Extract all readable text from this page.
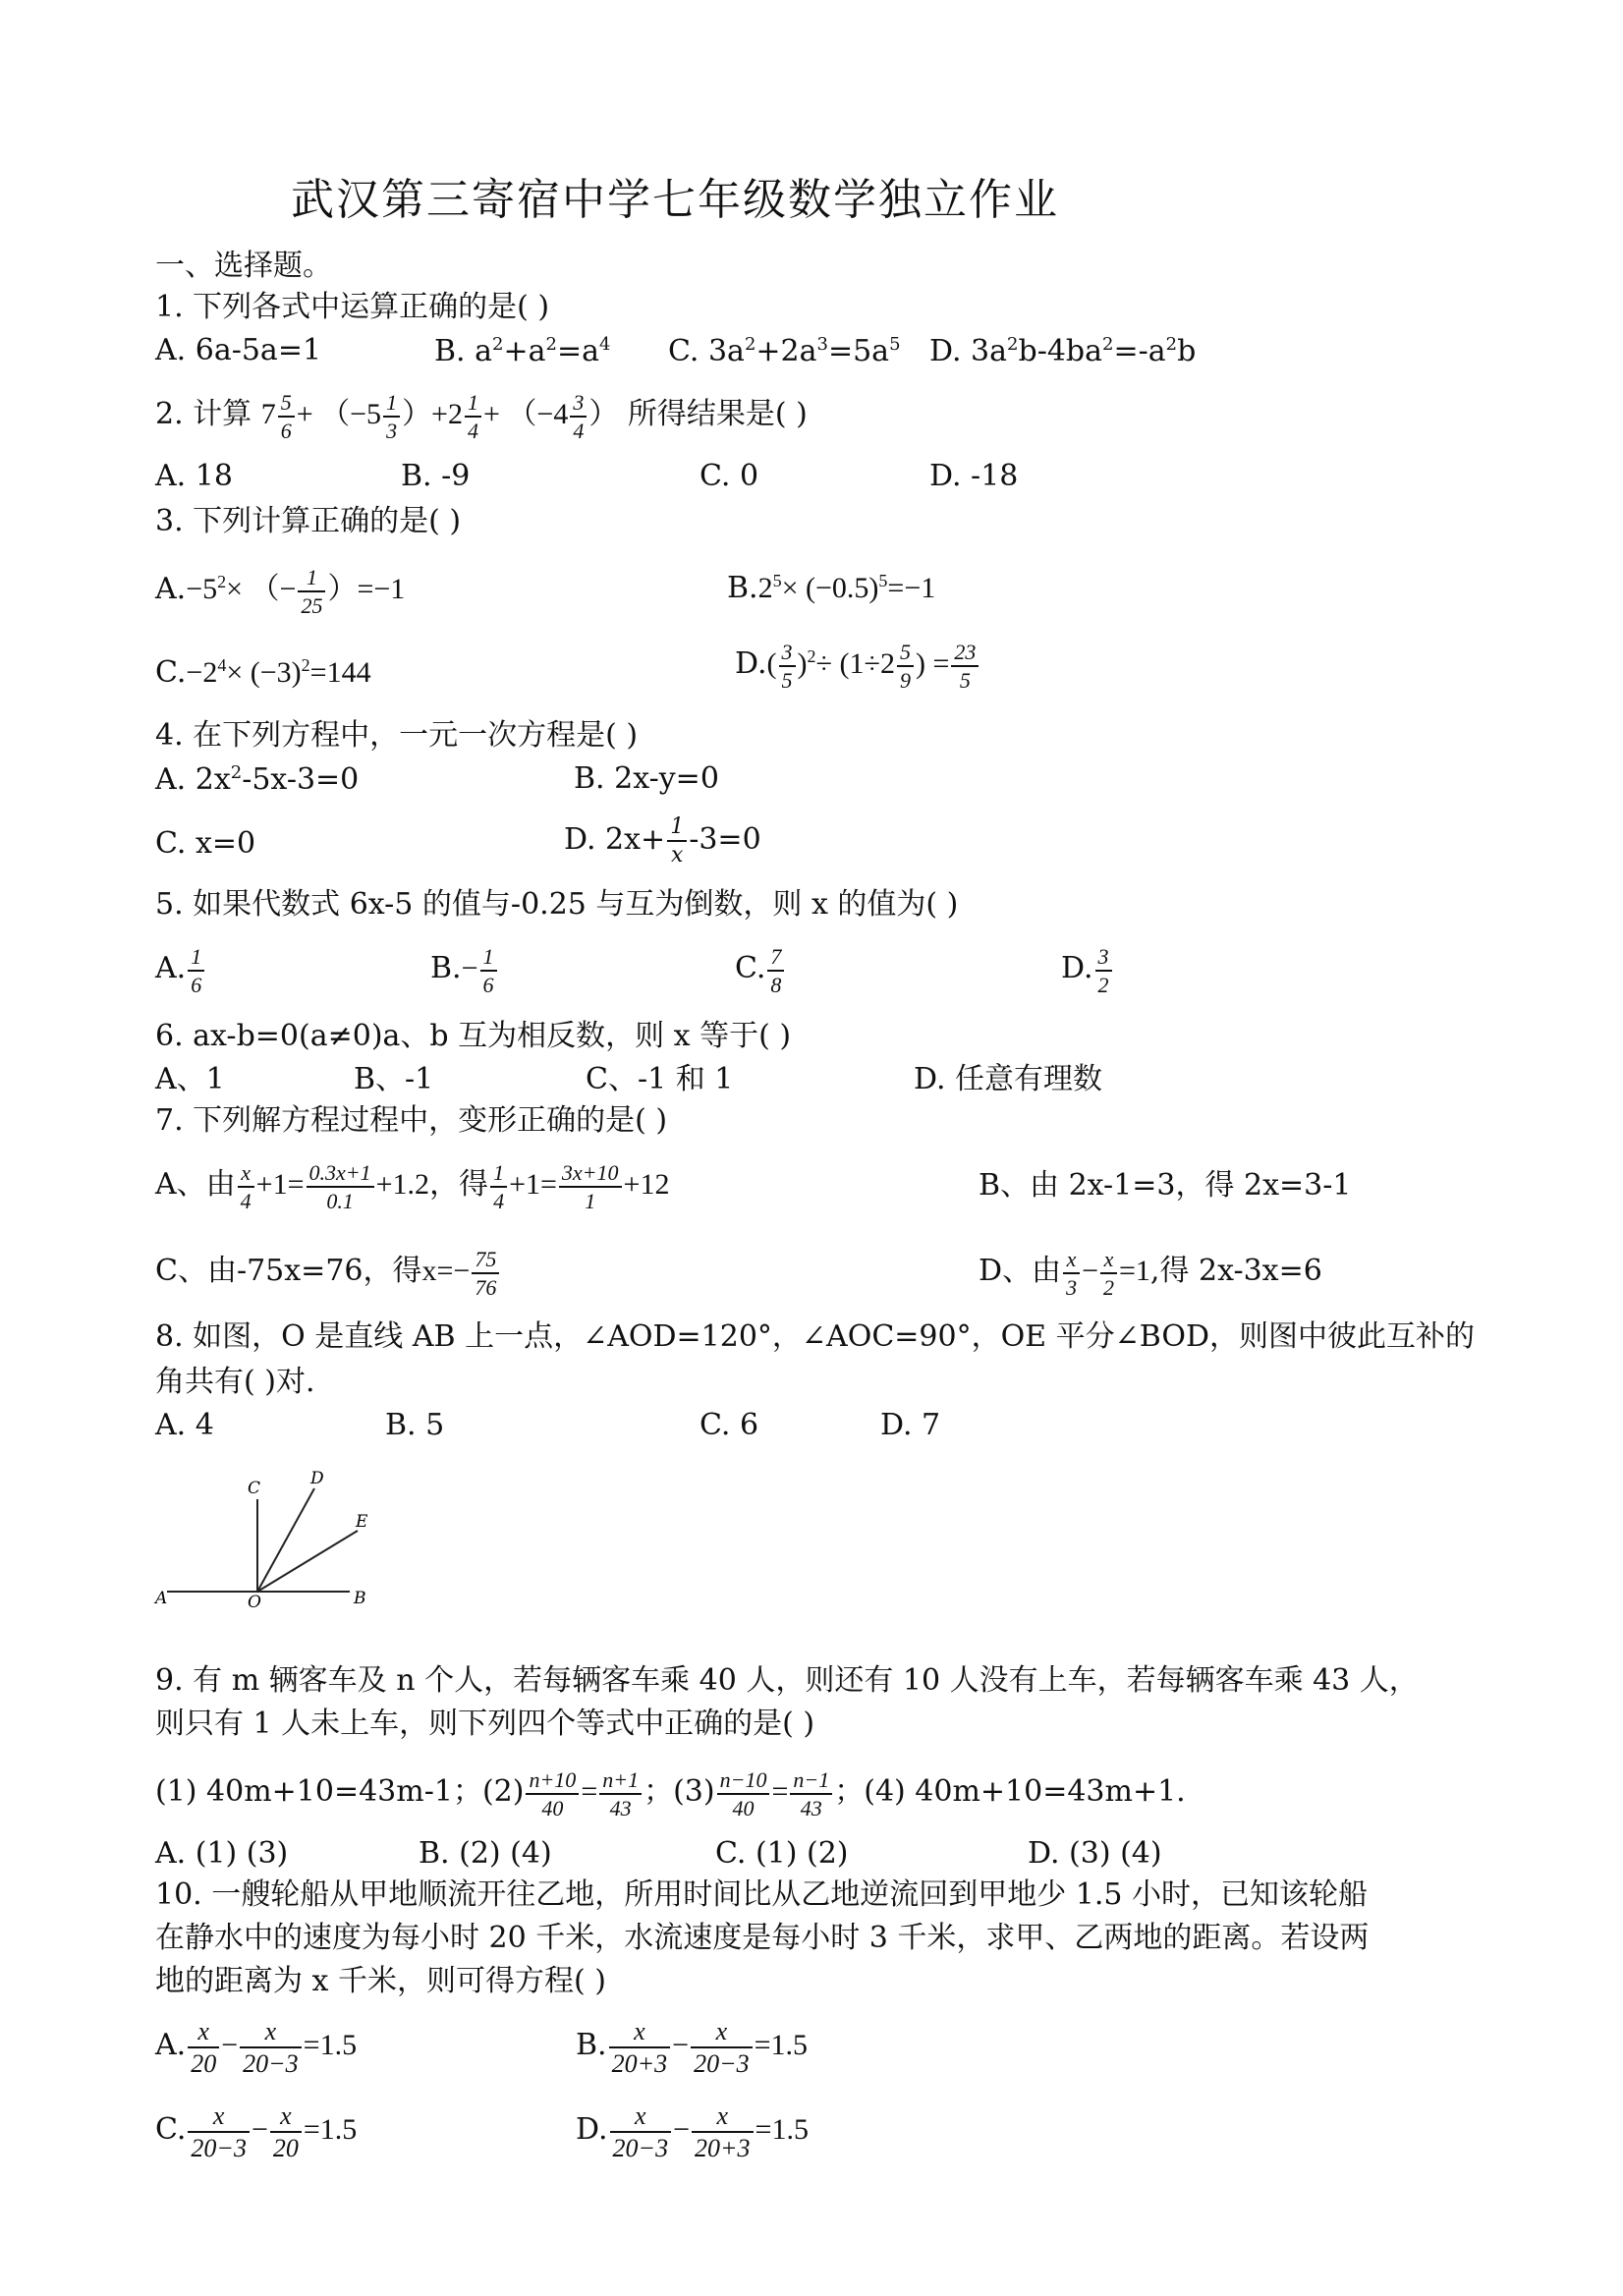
武汉第三寄宿中学七年级数学独立作业
一、选择题。
1. 下列各式中运算正确的是( )
A. 6a-5a=1	B. $a^2+a^2=a^4$ C. $3a^2+2a^3=5a^5$ D. $3a^2b-4ba^2=-a^2b$
2. 计算 $7 \frac{5}{6} + (-5 \frac{1}{3} )+2 \frac{1}{4} + (-4 \frac{3}{4}$ ） 所得结果是( )
A. 18	B. -9	C. 0	D. -18
3. 下列计算正确的是( )
$A.-5^2\times$ （− $\frac{1}{25} )=-1$	$B.2^5\times (-0.5)^5=-1$
$C.-2^4\times (-3)^2=144$	$D.( \frac{3}{5} )^2\div (1\div 2 \frac{5}{9}$ ) = $\frac{23}{5}$
4. 在下列方程中，一元一次方程是( )
A. $2x^2-5x-3=0$	B. 2x-y=0
C. x=0	D. $2x+ \frac{1}{x} -3=0$
5. 如果代数式 6x-5 的值与-0.25 与互为倒数，则 x 的值为( )
A. $\frac{1}{6}$	$B.- \frac{1}{6}$	C. $\frac{7}{8}$	D. $\frac{3}{2}$
6. ax-b=0(a≠0)a、b 互为相反数，则 x 等于( )
A、1	B、-1	C、-1 和 1	D. 任意有理数
7. 下列解方程过程中，变形正确的是( )
A、由 $\frac{x}{4} +1= \frac{0.3x+1}{0.1} +1.2$，得 $\frac{1}{4} +1= \frac{3x+10}{1} +12$	B、由 2x-1=3，得 2x=3-1
C、由-75x=76，得$x=- \frac{75}{76}$	D、由 $\frac{x}{3} - \frac{x}{2} =1$,得 2x-3x=6
8. 如图，O 是直线 AB 上一点，∠AOD=120°，∠AOC=90°，OE 平分∠BOD，则图中彼此互补的
角共有( )对.
A. 4	B. 5	C. 6	D. 7
A	O	B
C	D
E
9. 有 m 辆客车及 n 个人，若每辆客车乘 40 人，则还有 10 人没有上车，若每辆客车乘 43 人，
则只有 1 人未上车，则下列四个等式中正确的是( )
(1) 40m+10=43m-1；$(2) \frac{n+10}{40} = \frac{n+1}{43}$ ；$(3) \frac{n-10}{40} = \frac{n-1}{43}$ ；(4) 40m+10=43m+1.
A. (1) (3)	B. (2) (4)	C. (1) (2)	D. (3) (4)
10. 一艘轮船从甲地顺流开往乙地，所用时间比从乙地逆流回到甲地少 1.5 小时，已知该轮船
在静水中的速度为每小时 20 千米，水流速度是每小时 3 千米，求甲、乙两地的距离。若设两
地的距离为 x 千米，则可得方程( )
A. $\frac{x}{20} - \frac{x}{20-3} =1.5$	B. $\frac{x}{20+3} - \frac{x}{20-3} =1.5$
C. $\frac{x}{20-3} - \frac{x}{20} =1.5$	D. $\frac{x}{20-3} - \frac{x}{20+3} =1.5$
